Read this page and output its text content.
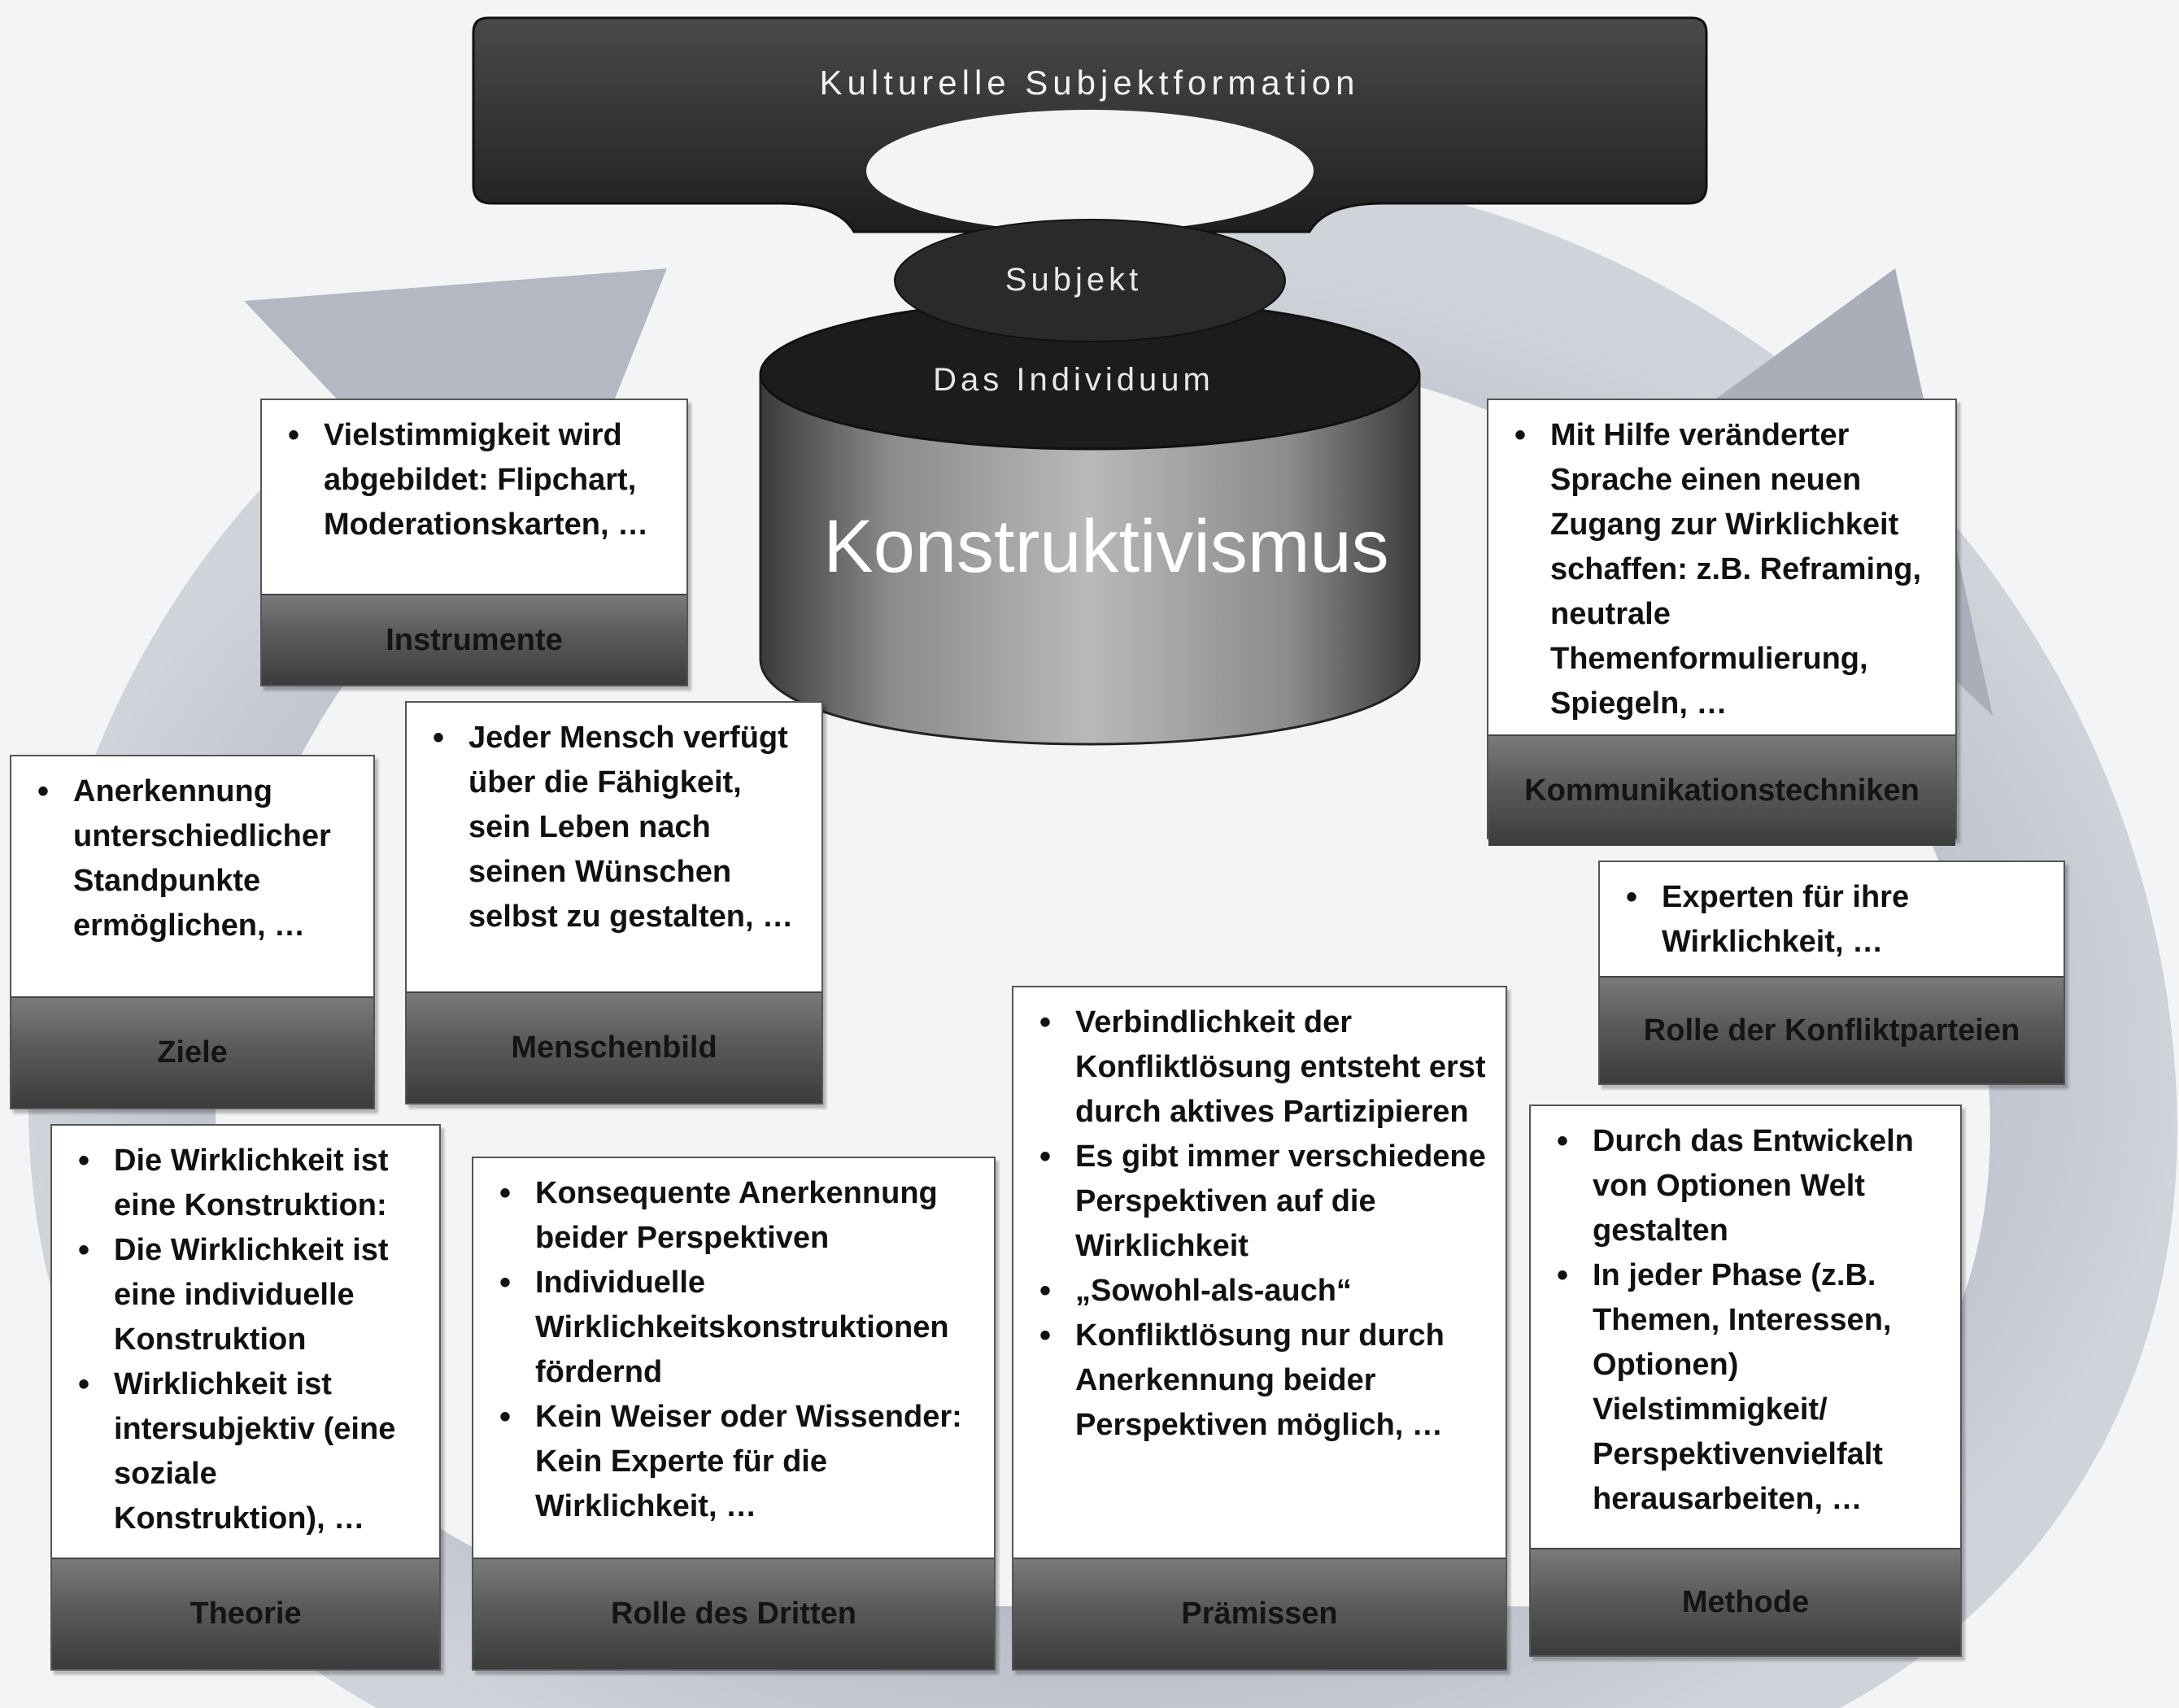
Kulturelle Subjektformation
Subjekt
Das Individuum
Konstruktivismus
• Vielstimmigkeit wird abgebildet: Flipchart, Moderationskarten, …
Instrumente
• Mit Hilfe veränderter Sprache einen neuen Zugang zur Wirklichkeit schaffen: z.B. Reframing, neutrale Themenformulierung, Spiegeln, …
Kommunikationstechniken
• Anerkennung unterschiedlicher Standpunkte ermöglichen, …
Ziele
• Jeder Mensch verfügt über die Fähigkeit, sein Leben nach seinen Wünschen selbst zu gestalten, …
Menschenbild
• Experten für ihre Wirklichkeit, …
Rolle der Konfliktparteien
• Die Wirklichkeit ist eine Konstruktion:
• Die Wirklichkeit ist eine individuelle Konstruktion
• Wirklichkeit ist intersubjektiv (eine soziale Konstruktion), …
Theorie
• Konsequente Anerkennung beider Perspektiven
• Individuelle Wirklichkeitskonstruktionen fördernd
• Kein Weiser oder Wissender: Kein Experte für die Wirklichkeit, …
Rolle des Dritten
• Verbindlichkeit der Konfliktlösung entsteht erst durch aktives Partizipieren
• Es gibt immer verschiedene Perspektiven auf die Wirklichkeit
• „Sowohl-als-auch“
• Konfliktlösung nur durch Anerkennung beider Perspektiven möglich, …
Prämissen
• Durch das Entwickeln von Optionen Welt gestalten
• In jeder Phase (z.B. Themen, Interessen, Optionen) Vielstimmigkeit/ Perspektivenvielfalt herausarbeiten, …
Methode
